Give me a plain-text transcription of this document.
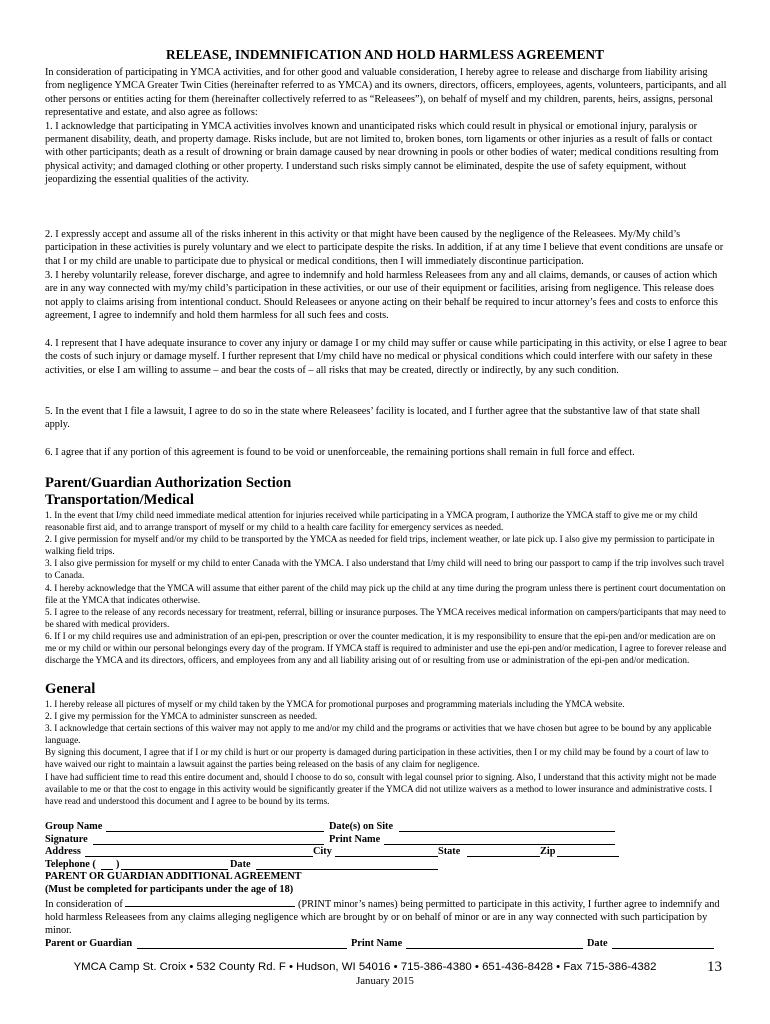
RELEASE, INDEMNIFICATION AND HOLD HARMLESS AGREEMENT

In consideration of participating in YMCA activities, and for other good and valuable consideration, I hereby agree to release and discharge from liability arising from negligence YMCA Greater Twin Cities (hereinafter referred to as YMCA) and its owners, directors, officers, employees, agents, volunteers, participants, and all other persons or entities acting for them (hereinafter collectively referred to as “Releasees”), on behalf of myself and my children, parents, heirs, assigns, personal representative and estate, and also agree as follows:

1. I acknowledge that participating in YMCA activities involves known and unanticipated risks which could result in physical or emotional injury, paralysis or permanent disability, death, and property damage. Risks include, but are not limited to, broken bones, torn ligaments or other injuries as a result of falls or contact with other participants; death as a result of drowning or brain damage caused by near drowning in pools or other bodies of water; medical conditions resulting from physical activity; and damaged clothing or other property. I understand such risks simply cannot be eliminated, despite the use of safety equipment, without jeopardizing the essential qualities of the activity.

2. I expressly accept and assume all of the risks inherent in this activity or that might have been caused by the negligence of the Releasees. My/My child’s participation in these activities is purely voluntary and we elect to participate despite the risks. In addition, if at any time I believe that event conditions are unsafe or that I or my child are unable to participate due to physical or medical conditions, then I will immediately discontinue participation.

3. I hereby voluntarily release, forever discharge, and agree to indemnify and hold harmless Releasees from any and all claims, demands, or causes of action which are in any way connected with my/my child’s participation in these activities, or our use of their equipment or facilities, arising from negligence. This release does not apply to claims arising from intentional conduct. Should Releasees or anyone acting on their behalf be required to incur attorney’s fees and costs to enforce this agreement, I agree to indemnify and hold them harmless for all such fees and costs.

4. I represent that I have adequate insurance to cover any injury or damage I or my child may suffer or cause while participating in this activity, or else I agree to bear the costs of such injury or damage myself. I further represent that I/my child have no medical or physical conditions which could interfere with our safety in these activities, or else I am willing to assume – and bear the costs of – all risks that may be created, directly or indirectly, by any such condition.

5. In the event that I file a lawsuit, I agree to do so in the state where Releasees’ facility is located, and I further agree that the substantive law of that state shall apply.

6. I agree that if any portion of this agreement is found to be void or unenforceable, the remaining portions shall remain in full force and effect.

Parent/Guardian Authorization Section
Transportation/Medical

1. In the event that I/my child need immediate medical attention for injuries received while participating in a YMCA program, I authorize the YMCA staff to give me or my child reasonable first aid, and to arrange transport of myself or my child to a health care facility for emergency services as needed.

2. I give permission for myself and/or my child to be transported by the YMCA as needed for field trips, inclement weather, or late pick up. I also give my permission to participate in walking field trips.

3. I also give permission for myself or my child to enter Canada with the YMCA. I also understand that I/my child will need to bring our passport to camp if the trip involves such travel to Canada.

4. I hereby acknowledge that the YMCA will assume that either parent of the child may pick up the child at any time during the program unless there is pertinent court documentation on file at the YMCA that indicates otherwise.

5. I agree to the release of any records necessary for treatment, referral, billing or insurance purposes. The YMCA receives medical information on campers/participants that may need to be shared with medical providers.

6. If I or my child requires use and administration of an epi-pen, prescription or over the counter medication, it is my responsibility to ensure that the epi-pen and/or medication are on me or my child or within our personal belongings every day of the program. If YMCA staff is required to administer and use the epi-pen and/or medication, I agree to forever release and discharge the YMCA and its directors, officers, and employees from any and all liability arising out of or resulting from use or administration of the epi-pen and/or medication.

General

1. I hereby release all pictures of myself or my child taken by the YMCA for promotional purposes and programming materials including the YMCA website.

2. I give my permission for the YMCA to administer sunscreen as needed.

3. I acknowledge that certain sections of this waiver may not apply to me and/or my child and the programs or activities that we have chosen but agree to be bound by any applicable language.

By signing this document, I agree that if I or my child is hurt or our property is damaged during participation in these activities, then I or my child may be found by a court of law to have waived our right to maintain a lawsuit against the parties being released on the basis of any claim for negligence.

I have had sufficient time to read this entire document and, should I choose to do so, consult with legal counsel prior to signing. Also, I understand that this activity might not be made available to me or that the cost to engage in this activity would be significantly greater if the YMCA did not utilize waivers as a method to lower insurance and administrative costs. I have read and understood this document and I agree to be bound by its terms.

Group Name	Date(s) on Site
Signature	Print Name
Address	City	State	Zip
Telephone ( )	Date
PARENT OR GUARDIAN ADDITIONAL AGREEMENT
(Must be completed for participants under the age of 18)
In consideration of	(PRINT minor’s names) being permitted to participate in this activity, I further agree to indemnify and hold harmless Releasees from any claims alleging negligence which are brought by or on behalf of minor or are in any way connected with such participation by minor.
Parent or Guardian	Print Name	Date
YMCA Camp St. Croix • 532 County Rd. F • Hudson, WI 54016 • 715-386-4380 • 651-436-8428 • Fax 715-386-4382
January 2015
13
